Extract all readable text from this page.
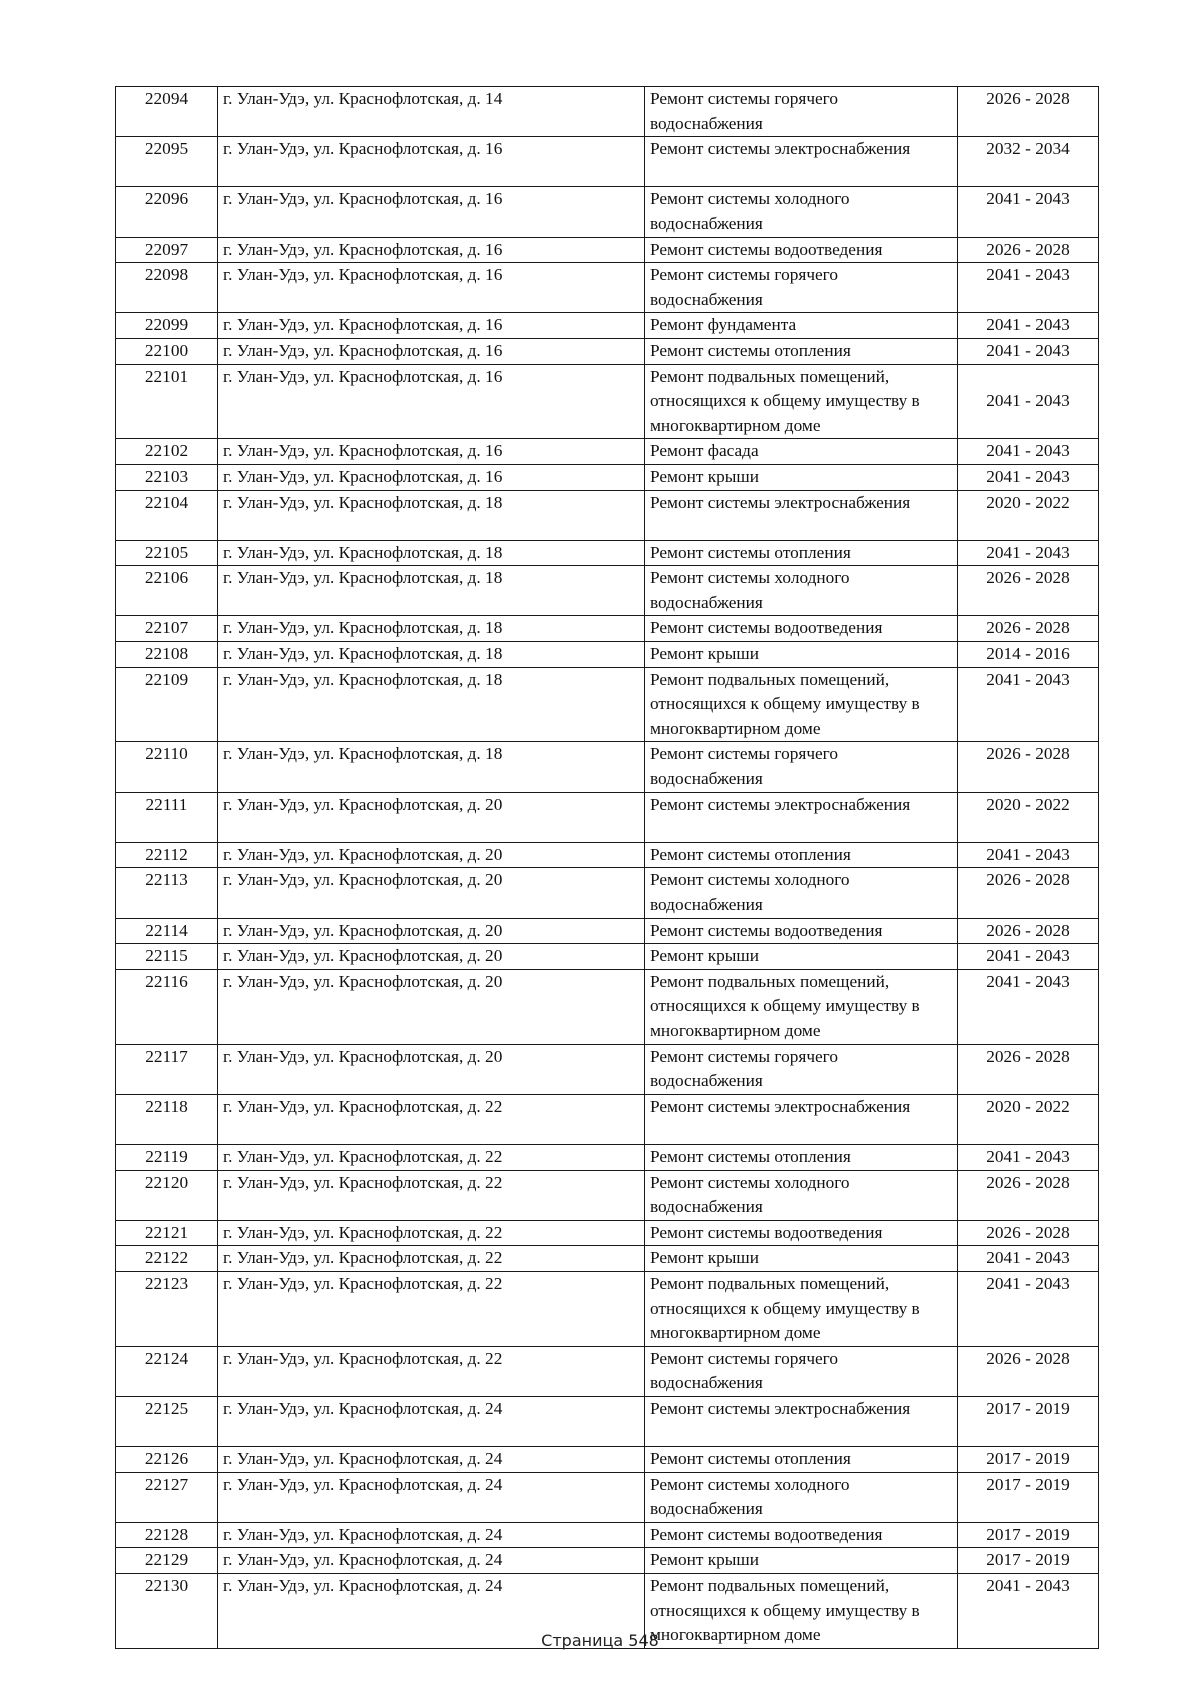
22094	г. Улан-Удэ, ул. Краснофлотская, д. 14	Ремонт системы горячего
водоснабжения	2026 - 2028
22095	г. Улан-Удэ, ул. Краснофлотская, д. 16	Ремонт системы электроснабжения	2032 - 2034
22096	г. Улан-Удэ, ул. Краснофлотская, д. 16	Ремонт системы холодного
водоснабжения	2041 - 2043
22097	г. Улан-Удэ, ул. Краснофлотская, д. 16	Ремонт системы водоотведения	2026 - 2028
22098	г. Улан-Удэ, ул. Краснофлотская, д. 16	Ремонт системы горячего
водоснабжения	2041 - 2043
22099	г. Улан-Удэ, ул. Краснофлотская, д. 16	Ремонт фундамента	2041 - 2043
22100	г. Улан-Удэ, ул. Краснофлотская, д. 16	Ремонт системы отопления	2041 - 2043
22101	г. Улан-Удэ, ул. Краснофлотская, д. 16	Ремонт подвальных помещений,
относящихся к общему имуществу в
многоквартирном доме	2041 - 2043
22102	г. Улан-Удэ, ул. Краснофлотская, д. 16	Ремонт фасада	2041 - 2043
22103	г. Улан-Удэ, ул. Краснофлотская, д. 16	Ремонт крыши	2041 - 2043
22104	г. Улан-Удэ, ул. Краснофлотская, д. 18	Ремонт системы электроснабжения	2020 - 2022
22105	г. Улан-Удэ, ул. Краснофлотская, д. 18	Ремонт системы отопления	2041 - 2043
22106	г. Улан-Удэ, ул. Краснофлотская, д. 18	Ремонт системы холодного
водоснабжения	2026 - 2028
22107	г. Улан-Удэ, ул. Краснофлотская, д. 18	Ремонт системы водоотведения	2026 - 2028
22108	г. Улан-Удэ, ул. Краснофлотская, д. 18	Ремонт крыши	2014 - 2016
22109	г. Улан-Удэ, ул. Краснофлотская, д. 18	Ремонт подвальных помещений,
относящихся к общему имуществу в
многоквартирном доме	2041 - 2043
22110	г. Улан-Удэ, ул. Краснофлотская, д. 18	Ремонт системы горячего
водоснабжения	2026 - 2028
22111	г. Улан-Удэ, ул. Краснофлотская, д. 20	Ремонт системы электроснабжения	2020 - 2022
22112	г. Улан-Удэ, ул. Краснофлотская, д. 20	Ремонт системы отопления	2041 - 2043
22113	г. Улан-Удэ, ул. Краснофлотская, д. 20	Ремонт системы холодного
водоснабжения	2026 - 2028
22114	г. Улан-Удэ, ул. Краснофлотская, д. 20	Ремонт системы водоотведения	2026 - 2028
22115	г. Улан-Удэ, ул. Краснофлотская, д. 20	Ремонт крыши	2041 - 2043
22116	г. Улан-Удэ, ул. Краснофлотская, д. 20	Ремонт подвальных помещений,
относящихся к общему имуществу в
многоквартирном доме	2041 - 2043
22117	г. Улан-Удэ, ул. Краснофлотская, д. 20	Ремонт системы горячего
водоснабжения	2026 - 2028
22118	г. Улан-Удэ, ул. Краснофлотская, д. 22	Ремонт системы электроснабжения	2020 - 2022
22119	г. Улан-Удэ, ул. Краснофлотская, д. 22	Ремонт системы отопления	2041 - 2043
22120	г. Улан-Удэ, ул. Краснофлотская, д. 22	Ремонт системы холодного
водоснабжения	2026 - 2028
22121	г. Улан-Удэ, ул. Краснофлотская, д. 22	Ремонт системы водоотведения	2026 - 2028
22122	г. Улан-Удэ, ул. Краснофлотская, д. 22	Ремонт крыши	2041 - 2043
22123	г. Улан-Удэ, ул. Краснофлотская, д. 22	Ремонт подвальных помещений,
относящихся к общему имуществу в
многоквартирном доме	2041 - 2043
22124	г. Улан-Удэ, ул. Краснофлотская, д. 22	Ремонт системы горячего
водоснабжения	2026 - 2028
22125	г. Улан-Удэ, ул. Краснофлотская, д. 24	Ремонт системы электроснабжения	2017 - 2019
22126	г. Улан-Удэ, ул. Краснофлотская, д. 24	Ремонт системы отопления	2017 - 2019
22127	г. Улан-Удэ, ул. Краснофлотская, д. 24	Ремонт системы холодного
водоснабжения	2017 - 2019
22128	г. Улан-Удэ, ул. Краснофлотская, д. 24	Ремонт системы водоотведения	2017 - 2019
22129	г. Улан-Удэ, ул. Краснофлотская, д. 24	Ремонт крыши	2017 - 2019
22130	г. Улан-Удэ, ул. Краснофлотская, д. 24	Ремонт подвальных помещений,
относящихся к общему имуществу в
многоквартирном доме	2041 - 2043
Страница 548
